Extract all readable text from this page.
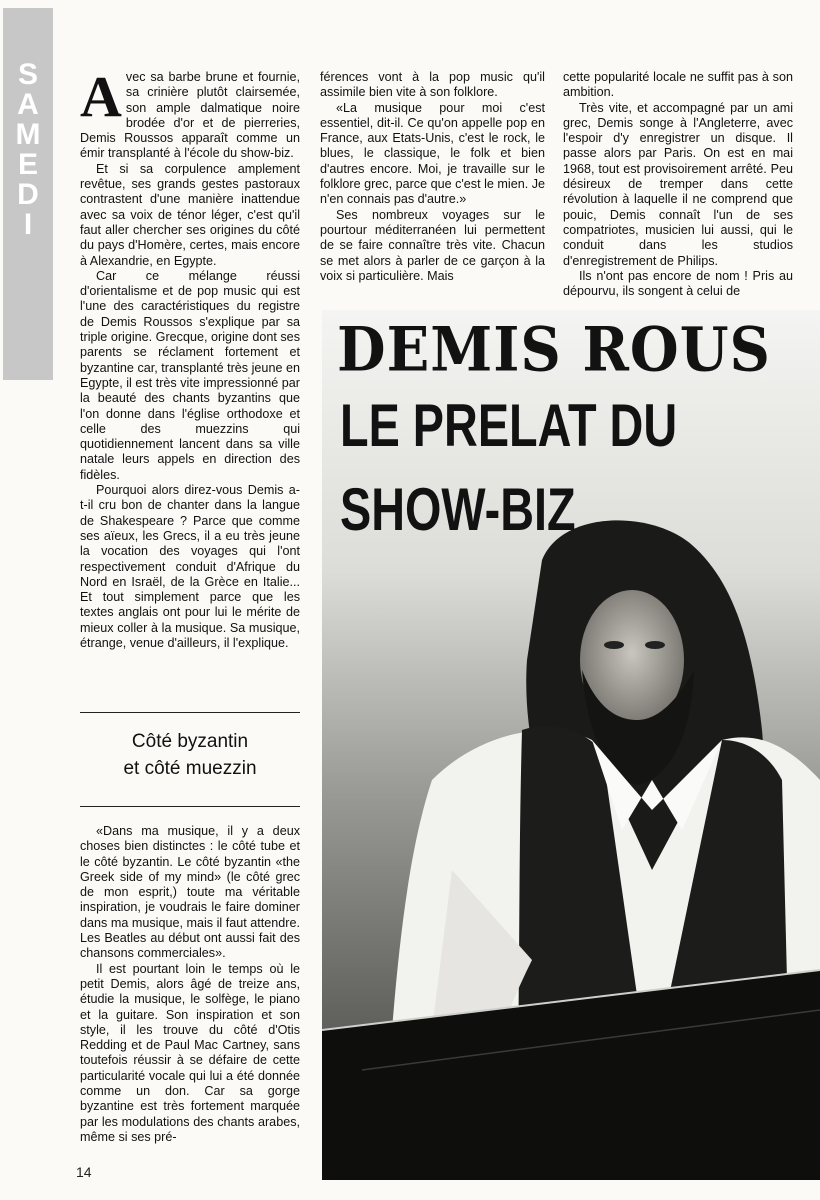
S
A
M
E
D
I

Avec sa barbe brune et fournie, sa crinière plutôt clairsemée, son ample dalmatique noire brodée d'or et de pierreries, Demis Roussos apparaît comme un émir transplanté à l'école du show-biz.

Et si sa corpulence amplement revêtue, ses grands gestes pastoraux contrastent d'une manière inattendue avec sa voix de ténor léger, c'est qu'il faut aller chercher ses origines du côté du pays d'Homère, certes, mais encore à Alexandrie, en Egypte.

Car ce mélange réussi d'orientalisme et de pop music qui est l'une des caractéristiques du registre de Demis Roussos s'explique par sa triple origine. Grecque, origine dont ses parents se réclament fortement et byzantine car, transplanté très jeune en Egypte, il est très vite impressionné par la beauté des chants byzantins que l'on donne dans l'église orthodoxe et celle des muezzins qui quotidiennement lancent dans sa ville natale leurs appels en direction des fidèles.

Pourquoi alors direz-vous Demis a-t-il cru bon de chanter dans la langue de Shakespeare ? Parce que comme ses aïeux, les Grecs, il a eu très jeune la vocation des voyages qui l'ont respectivement conduit d'Afrique du Nord en Israël, de la Grèce en Italie... Et tout simplement parce que les textes anglais ont pour lui le mérite de mieux coller à la musique. Sa musique, étrange, venue d'ailleurs, il l'explique.

Côté byzantin
et côté muezzin

«Dans ma musique, il y a deux choses bien distinctes : le côté tube et le côté byzantin. Le côté byzantin «the Greek side of my mind» (le côté grec de mon esprit,) toute ma véritable inspiration, je voudrais le faire dominer dans ma musique, mais il faut attendre. Les Beatles au début ont aussi fait des chansons commerciales».

Il est pourtant loin le temps où le petit Demis, alors âgé de treize ans, étudie la musique, le solfège, le piano et la guitare. Son inspiration et son style, il les trouve du côté d'Otis Redding et de Paul Mac Cartney, sans toutefois réussir à se défaire de cette particularité vocale qui lui a été donnée comme un don. Car sa gorge byzantine est très fortement marquée par les modulations des chants arabes, même si ses pré-

férences vont à la pop music qu'il assimile bien vite à son folklore.

«La musique pour moi c'est essentiel, dit-il. Ce qu'on appelle pop en France, aux Etats-Unis, c'est le rock, le blues, le classique, le folk et bien d'autres encore. Moi, je travaille sur le folklore grec, parce que c'est le mien. Je n'en connais pas d'autre.»

Ses nombreux voyages sur le pourtour méditerranéen lui permettent de se faire connaître très vite. Chacun se met alors à parler de ce garçon à la voix si particulière. Mais

cette popularité locale ne suffit pas à son ambition.

Très vite, et accompagné par un ami grec, Demis songe à l'Angleterre, avec l'espoir d'y enregistrer un disque. Il passe alors par Paris. On est en mai 1968, tout est provisoirement arrêté. Peu désireux de tremper dans cette révolution à laquelle il ne comprend que pouic, Demis connaît l'un de ses compatriotes, musicien lui aussi, qui le conduit dans les studios d'enregistrement de Philips.

Ils n'ont pas encore de nom ! Pris au dépourvu, ils songent à celui de

DEMIS ROUS
LE PRELAT DU
SHOW-BIZ
14
